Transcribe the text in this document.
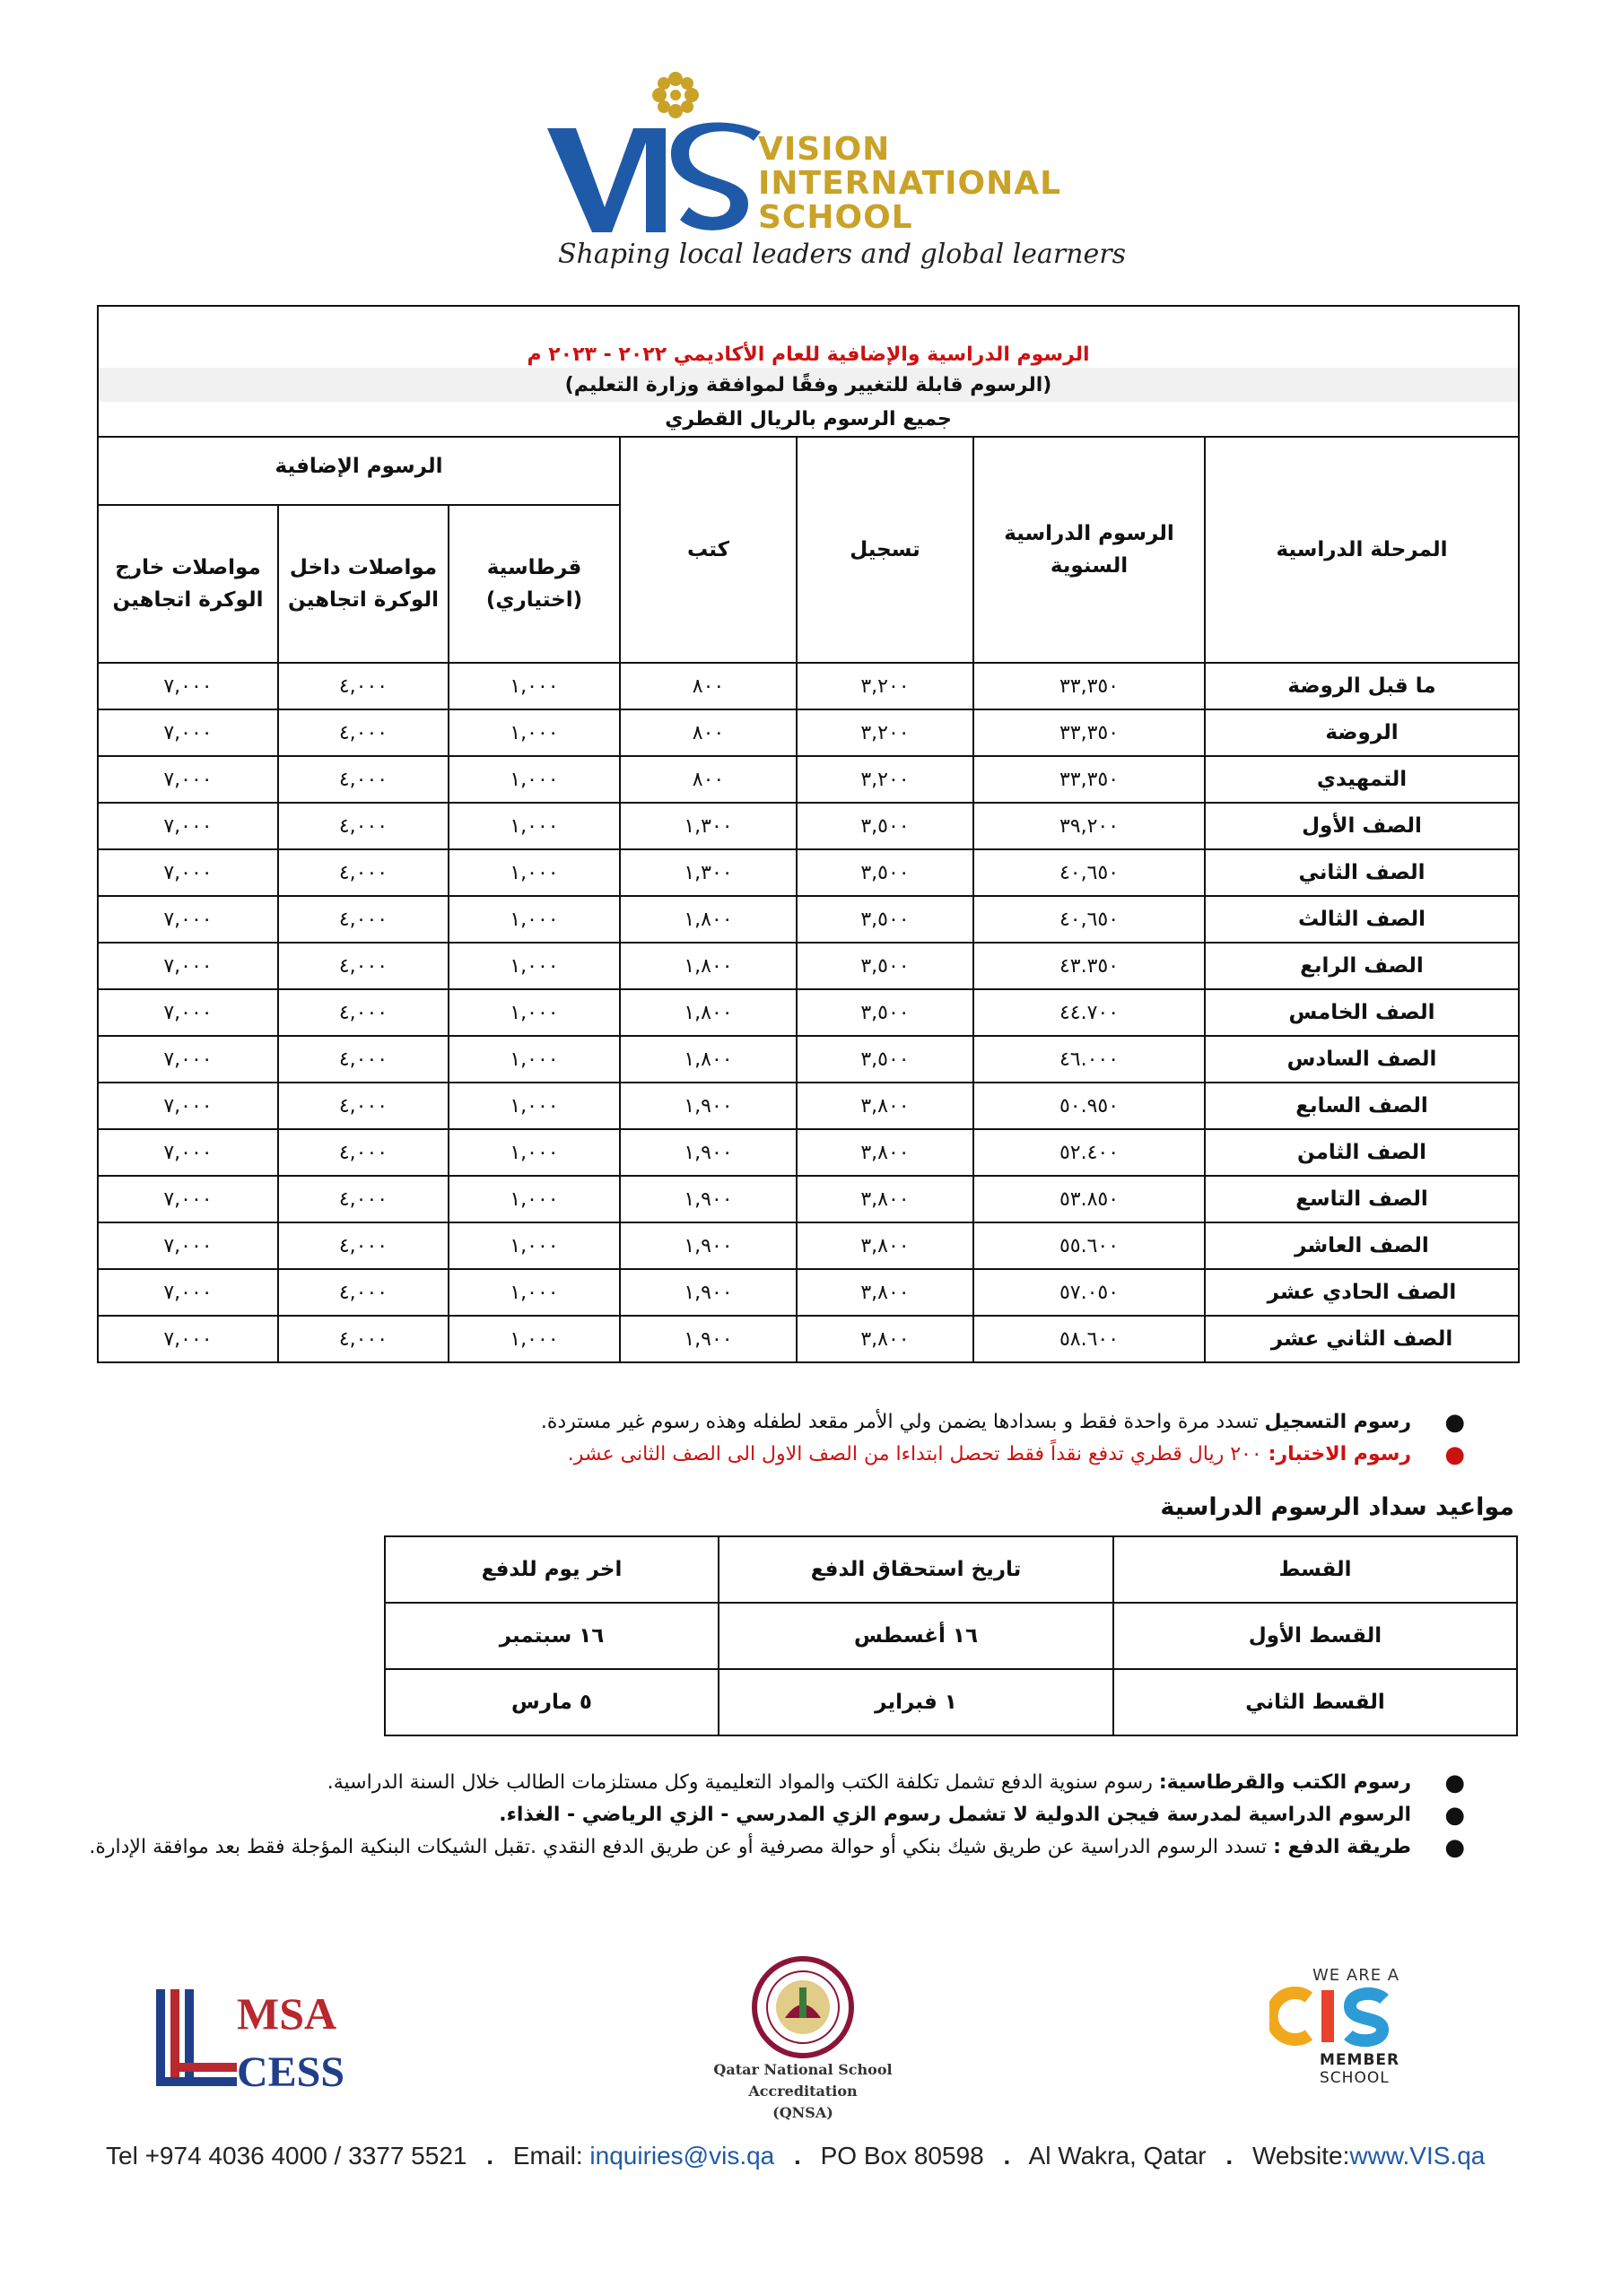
VIS
VISION
INTERNATIONAL
SCHOOL
Shaping local leaders and global learners
الرسوم الدراسية والإضافية للعام الأكاديمي ٢٠٢٢ - ٢٠٢٣ م						
(الرسوم قابلة للتغيير وفقًا لموافقة وزارة التعليم)						
جميع الرسوم بالريال القطري						
المرحلة الدراسية	الرسوم الدراسية السنوية	تسجيل	كتب	الرسوم الإضافية		
				قرطاسية (اختياري)	مواصلات داخل الوكرة اتجاهين	مواصلات خارج الوكرة اتجاهين
ما قبل الروضة	٣٣,٣٥٠	٣,٢٠٠	٨٠٠	١,٠٠٠	٤,٠٠٠	٧,٠٠٠
الروضة	٣٣,٣٥٠	٣,٢٠٠	٨٠٠	١,٠٠٠	٤,٠٠٠	٧,٠٠٠
التمهيدي	٣٣,٣٥٠	٣,٢٠٠	٨٠٠	١,٠٠٠	٤,٠٠٠	٧,٠٠٠
الصف الأول	٣٩,٢٠٠	٣,٥٠٠	١,٣٠٠	١,٠٠٠	٤,٠٠٠	٧,٠٠٠
الصف الثاني	٤٠,٦٥٠	٣,٥٠٠	١,٣٠٠	١,٠٠٠	٤,٠٠٠	٧,٠٠٠
الصف الثالث	٤٠,٦٥٠	٣,٥٠٠	١,٨٠٠	١,٠٠٠	٤,٠٠٠	٧,٠٠٠
الصف الرابع	٤٣.٣٥٠	٣,٥٠٠	١,٨٠٠	١,٠٠٠	٤,٠٠٠	٧,٠٠٠
الصف الخامس	٤٤.٧٠٠	٣,٥٠٠	١,٨٠٠	١,٠٠٠	٤,٠٠٠	٧,٠٠٠
الصف السادس	٤٦.٠٠٠	٣,٥٠٠	١,٨٠٠	١,٠٠٠	٤,٠٠٠	٧,٠٠٠
الصف السابع	٥٠.٩٥٠	٣,٨٠٠	١,٩٠٠	١,٠٠٠	٤,٠٠٠	٧,٠٠٠
الصف الثامن	٥٢.٤٠٠	٣,٨٠٠	١,٩٠٠	١,٠٠٠	٤,٠٠٠	٧,٠٠٠
الصف التاسع	٥٣.٨٥٠	٣,٨٠٠	١,٩٠٠	١,٠٠٠	٤,٠٠٠	٧,٠٠٠
الصف العاشر	٥٥.٦٠٠	٣,٨٠٠	١,٩٠٠	١,٠٠٠	٤,٠٠٠	٧,٠٠٠
الصف الحادي عشر	٥٧.٠٥٠	٣,٨٠٠	١,٩٠٠	١,٠٠٠	٤,٠٠٠	٧,٠٠٠
الصف الثاني عشر	٥٨.٦٠٠	٣,٨٠٠	١,٩٠٠	١,٠٠٠	٤,٠٠٠	٧,٠٠٠
●
رسوم التسجيل تسدد مرة واحدة فقط و بسدادها يضمن ولي الأمر مقعد لطفله وهذه رسوم غير مستردة.
●
رسوم الاختبار: ٢٠٠ ريال قطري تدفع نقداً فقط تحصل ابتداءا من الصف الاول الى الصف الثانى عشر.
مواعيد سداد الرسوم الدراسية
القسط	تاريخ استحقاق الدفع	اخر يوم للدفع
القسط الأول	١٦ أغسطس	١٦ سبتمبر
القسط الثاني	١ فبراير	٥ مارس
●
رسوم الكتب والقرطاسية: رسوم سنوية الدفع تشمل تكلفة الكتب والمواد التعليمية وكل مستلزمات الطالب خلال السنة الدراسية.
●
الرسوم الدراسية لمدرسة فيجن الدولية لا تشمل رسوم الزي المدرسي - الزي الرياضي - الغذاء.
●
طريقة الدفع : تسدد الرسوم الدراسية عن طريق شيك بنكي أو حوالة مصرفية أو عن طريق الدفع النقدي .تقبل الشيكات البنكية المؤجلة فقط بعد موافقة الإدارة.
MSA
CESS	Qatar National School Accreditation
(QNSA)
WE ARE A
CIS
MEMBER
SCHOOL
Tel +974 4036 4000 / 3377 5521 . Email: inquiries@vis.qa . PO Box 80598 . Al Wakra, Qatar . Website:www.VIS.qa
